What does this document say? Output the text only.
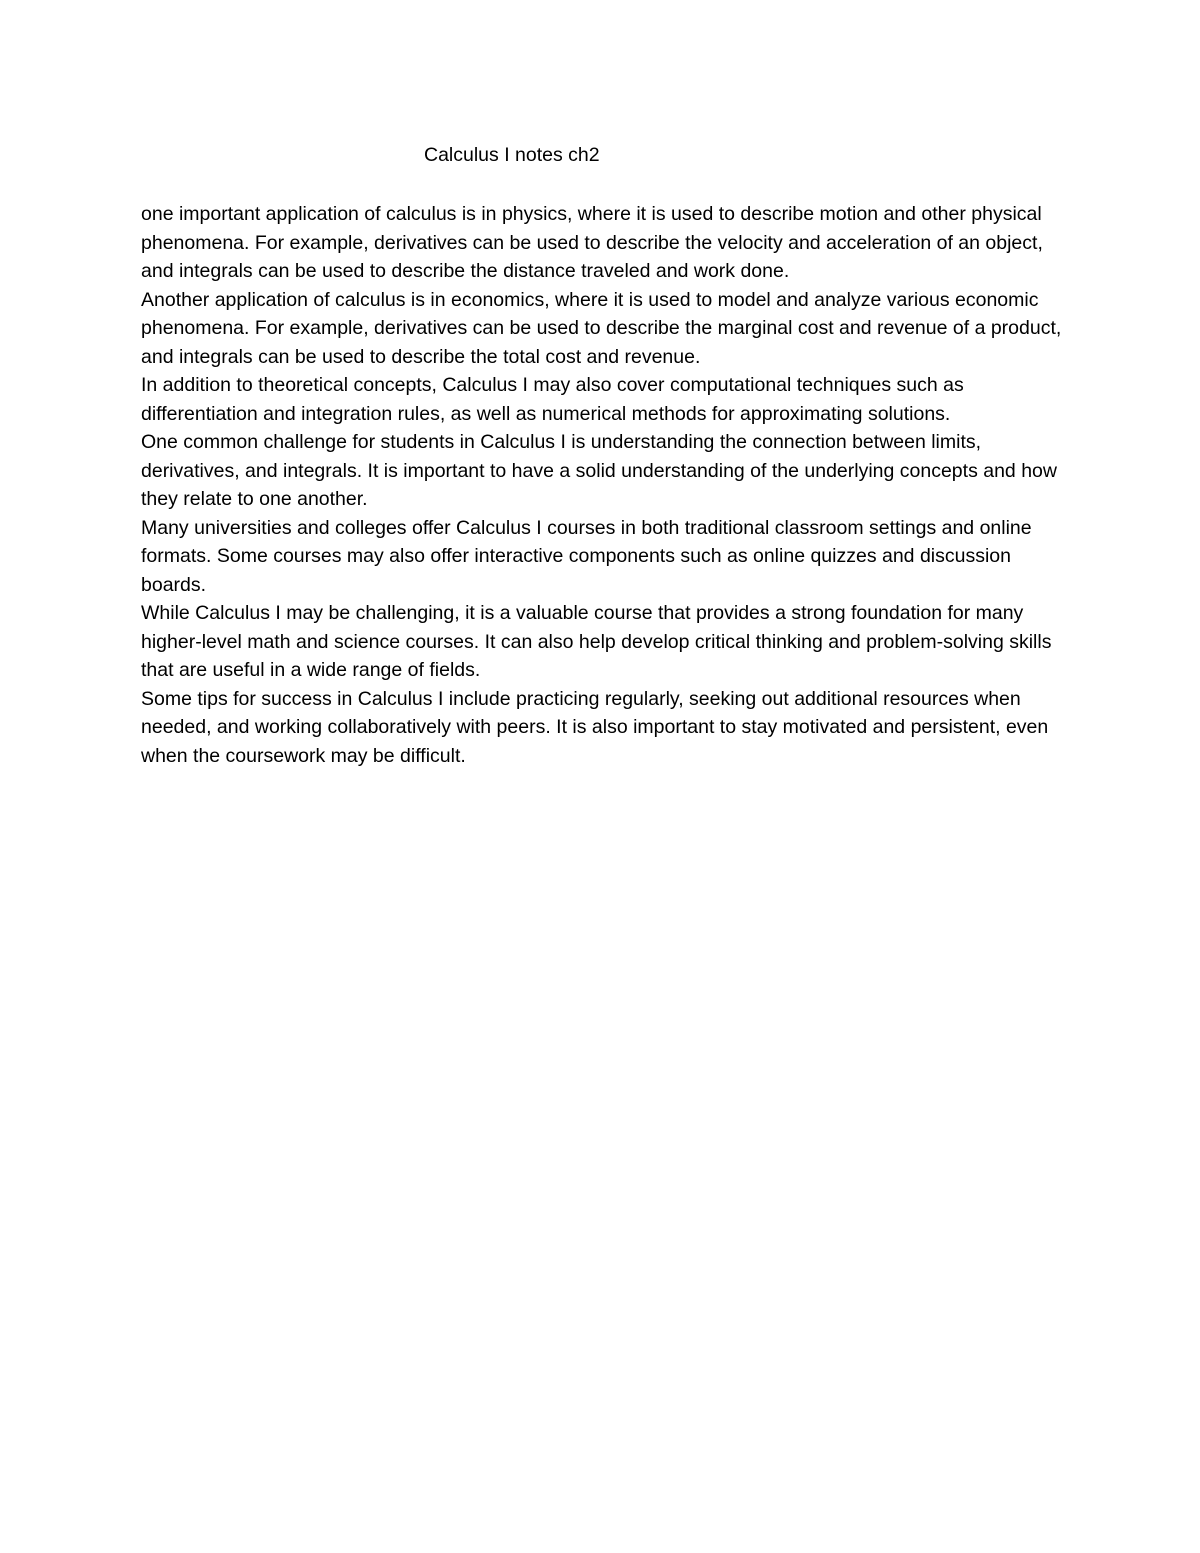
Calculus I notes ch2

one important application of calculus is in physics, where it is used to describe motion and other physical phenomena. For example, derivatives can be used to describe the velocity and acceleration of an object, and integrals can be used to describe the distance traveled and work done.

Another application of calculus is in economics, where it is used to model and analyze various economic phenomena. For example, derivatives can be used to describe the marginal cost and revenue of a product, and integrals can be used to describe the total cost and revenue.

In addition to theoretical concepts, Calculus I may also cover computational techniques such as differentiation and integration rules, as well as numerical methods for approximating solutions.

One common challenge for students in Calculus I is understanding the connection between limits, derivatives, and integrals. It is important to have a solid understanding of the underlying concepts and how they relate to one another.

Many universities and colleges offer Calculus I courses in both traditional classroom settings and online formats. Some courses may also offer interactive components such as online quizzes and discussion boards.

While Calculus I may be challenging, it is a valuable course that provides a strong foundation for many higher-level math and science courses. It can also help develop critical thinking and problem-solving skills that are useful in a wide range of fields.

Some tips for success in Calculus I include practicing regularly, seeking out additional resources when needed, and working collaboratively with peers. It is also important to stay motivated and persistent, even when the coursework may be difficult.
